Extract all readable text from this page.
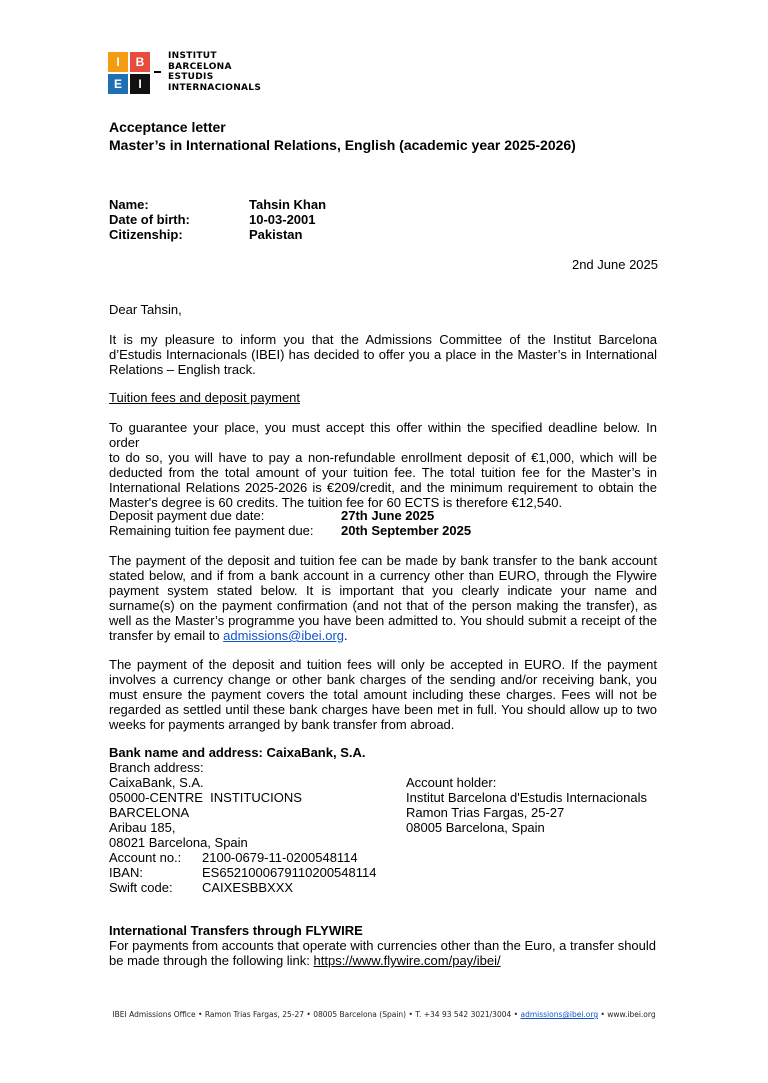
I	B
E	I
INSTITUT
BARCELONA
ESTUDIS
INTERNACIONALS
Acceptance letter
Master’s in International Relations, English (academic year 2025-2026)
Name:	Tahsin Khan
Date of birth:	10-03-2001
Citizenship:	Pakistan
2nd June 2025
Dear Tahsin,
It is my pleasure to inform you that the Admissions Committee of the Institut Barcelona
d’Estudis Internacionals (IBEI) has decided to offer you a place in the Master’s in International
Relations – English track.
Tuition fees and deposit payment
To guarantee your place, you must accept this offer within the specified deadline below. In order
to do so, you will have to pay a non-refundable enrollment deposit of €1,000, which will be
deducted from the total amount of your tuition fee. The total tuition fee for the Master’s in
International Relations 2025-2026 is €209/credit, and the minimum requirement to obtain the
Master's degree is 60 credits. The tuition fee for 60 ECTS is therefore €12,540.
Deposit payment due date:	27th June 2025
Remaining tuition fee payment due:	20th September 2025
The payment of the deposit and tuition fee can be made by bank transfer to the bank account
stated below, and if from a bank account in a currency other than EURO, through the Flywire
payment system stated below. It is important that you clearly indicate your name and
surname(s) on the payment confirmation (and not that of the person making the transfer), as
well as the Master’s programme you have been admitted to. You should submit a receipt of the
transfer by email to admissions@ibei.org.
The payment of the deposit and tuition fees will only be accepted in EURO. If the payment
involves a currency change or other bank charges of the sending and/or receiving bank, you
must ensure the payment covers the total amount including these charges. Fees will not be
regarded as settled until these bank charges have been met in full. You should allow up to two
weeks for payments arranged by bank transfer from abroad.
Bank name and address: CaixaBank, S.A.
Branch address:
CaixaBank, S.A.
05000-CENTRE  INSTITUCIONS
BARCELONA
Aribau 185,
08021 Barcelona, Spain
Account no.:	2100-0679-11-0200548114
IBAN:	ES6521000679110200548114
Swift code:	CAIXESBBXXX
Account holder:
Institut Barcelona d'Estudis Internacionals
Ramon Trias Fargas, 25-27
08005 Barcelona, Spain
International Transfers through FLYWIRE
For payments from accounts that operate with currencies other than the Euro, a transfer should
be made through the following link: https://www.flywire.com/pay/ibei/
IBEI Admissions Office • Ramon Trias Fargas, 25-27 • 08005 Barcelona (Spain) • T. +34 93 542 3021/3004 • admissions@ibei.org • www.ibei.org
